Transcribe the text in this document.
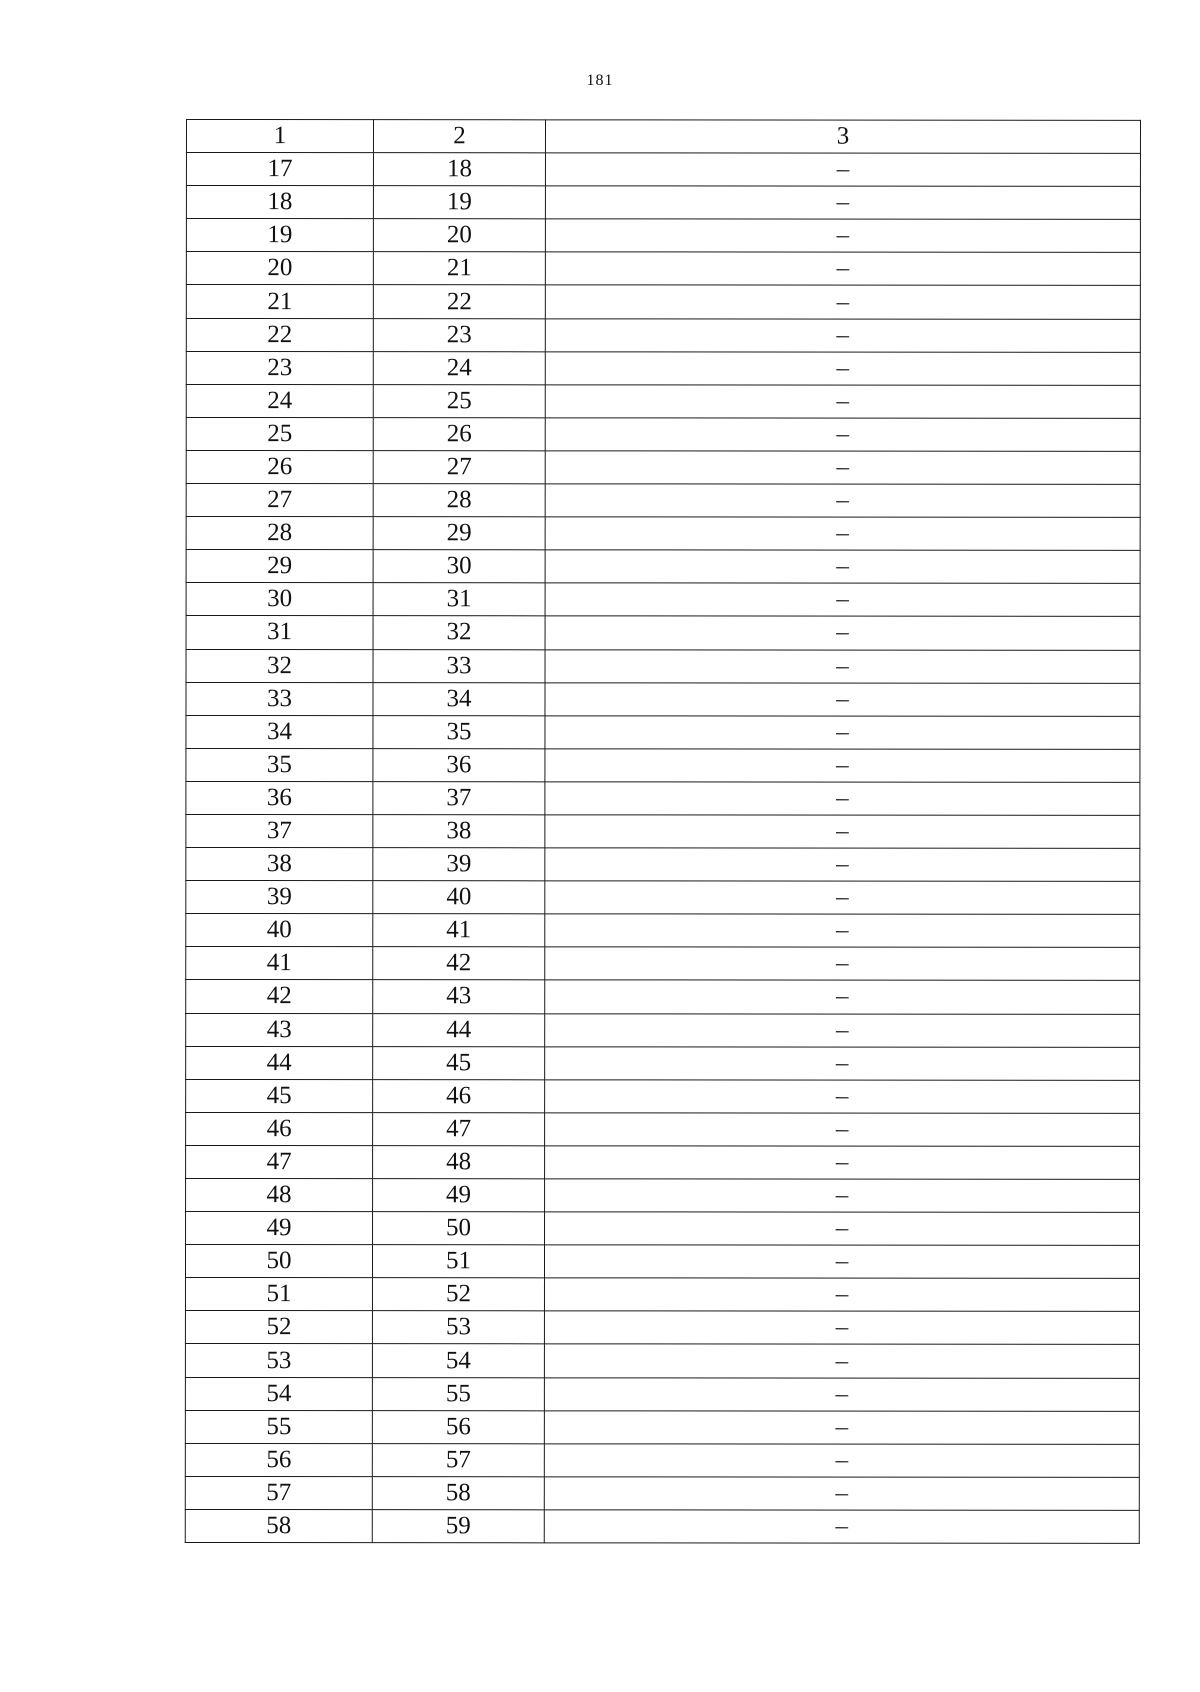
181
1	2	3
17	18	–
18	19	–
19	20	–
20	21	–
21	22	–
22	23	–
23	24	–
24	25	–
25	26	–
26	27	–
27	28	–
28	29	–
29	30	–
30	31	–
31	32	–
32	33	–
33	34	–
34	35	–
35	36	–
36	37	–
37	38	–
38	39	–
39	40	–
40	41	–
41	42	–
42	43	–
43	44	–
44	45	–
45	46	–
46	47	–
47	48	–
48	49	–
49	50	–
50	51	–
51	52	–
52	53	–
53	54	–
54	55	–
55	56	–
56	57	–
57	58	–
58	59	–
